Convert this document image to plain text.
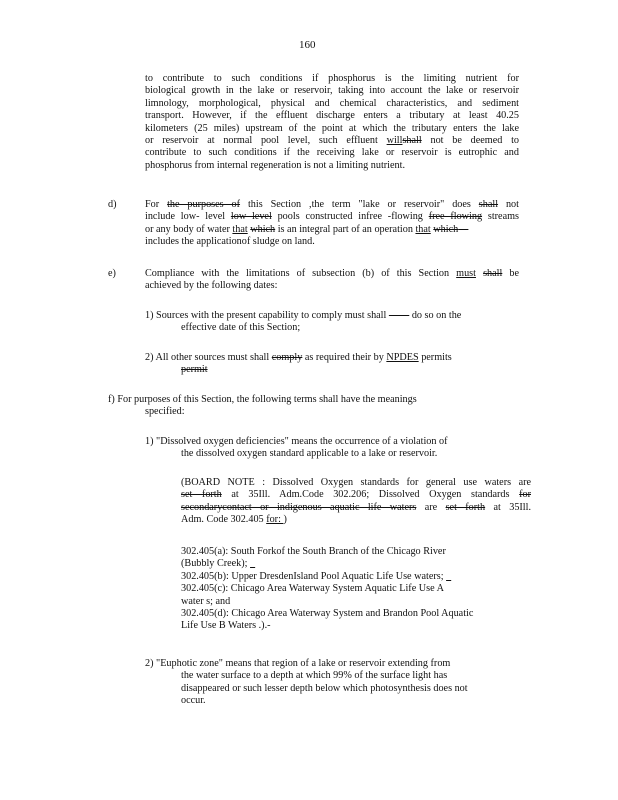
160
to contribute to such conditions if phosphorus is the limiting nutrient for
biological growth in the lake or reservoir, taking into account the lake or reservoir
limnology, morphological, physical and chemical characteristics, and sediment
transport. However, if the effluent discharge enters a tributary at least 40.25
kilometers (25 miles) upstream of the point at which the tributary enters the lake
or reservoir at normal pool level, such effluent willshall not be deemed to
contribute to such conditions if the receiving lake or reservoir is eutrophic and
phosphorus from internal regeneration is not a limiting nutrient.
d)	For the purposes of this Section ,the term "lake or reservoir" does shall not
include low- level low level pools constructed infree -flowing free flowing streams
or any body of water that which is an integral part of an operation that which 
includes the applicationof sludge on land.
e)	Compliance with the limitations of subsection (b) of this Section must shall be
achieved by the following dates:
1) Sources with the present capability to comply must shall    do so on the
effective date of this Section;
2) All other sources must shall comply as required their by NPDES permits
permit
f) For purposes of this Section, the following terms shall have the meanings
specified:
1) "Dissolved oxygen deficiencies" means the occurrence of a violation of
the dissolved oxygen standard applicable to a lake or reservoir.
(BOARD NOTE : Dissolved Oxygen standards for general use waters are
set forth at 35Ill. Adm.Code 302.206; Dissolved Oxygen standards for
secondarycontact or indigenous aquatic life waters are set forth at 35Ill.
Adm. Code 302.405 for: )
302.405(a): South Forkof the South Branch of the Chicago River
(Bubbly Creek);  
302.405(b): Upper DresdenIsland Pool Aquatic Life Use waters;  
302.405(c): Chicago Area Waterway System Aquatic Life Use A
water s; and
302.405(d): Chicago Area Waterway System and Brandon Pool Aquatic
Life Use B Waters .).-
2) "Euphotic zone" means that region of a lake or reservoir extending from
the water surface to a depth at which 99% of the surface light has
disappeared or such lesser depth below which photosynthesis does not
occur.
